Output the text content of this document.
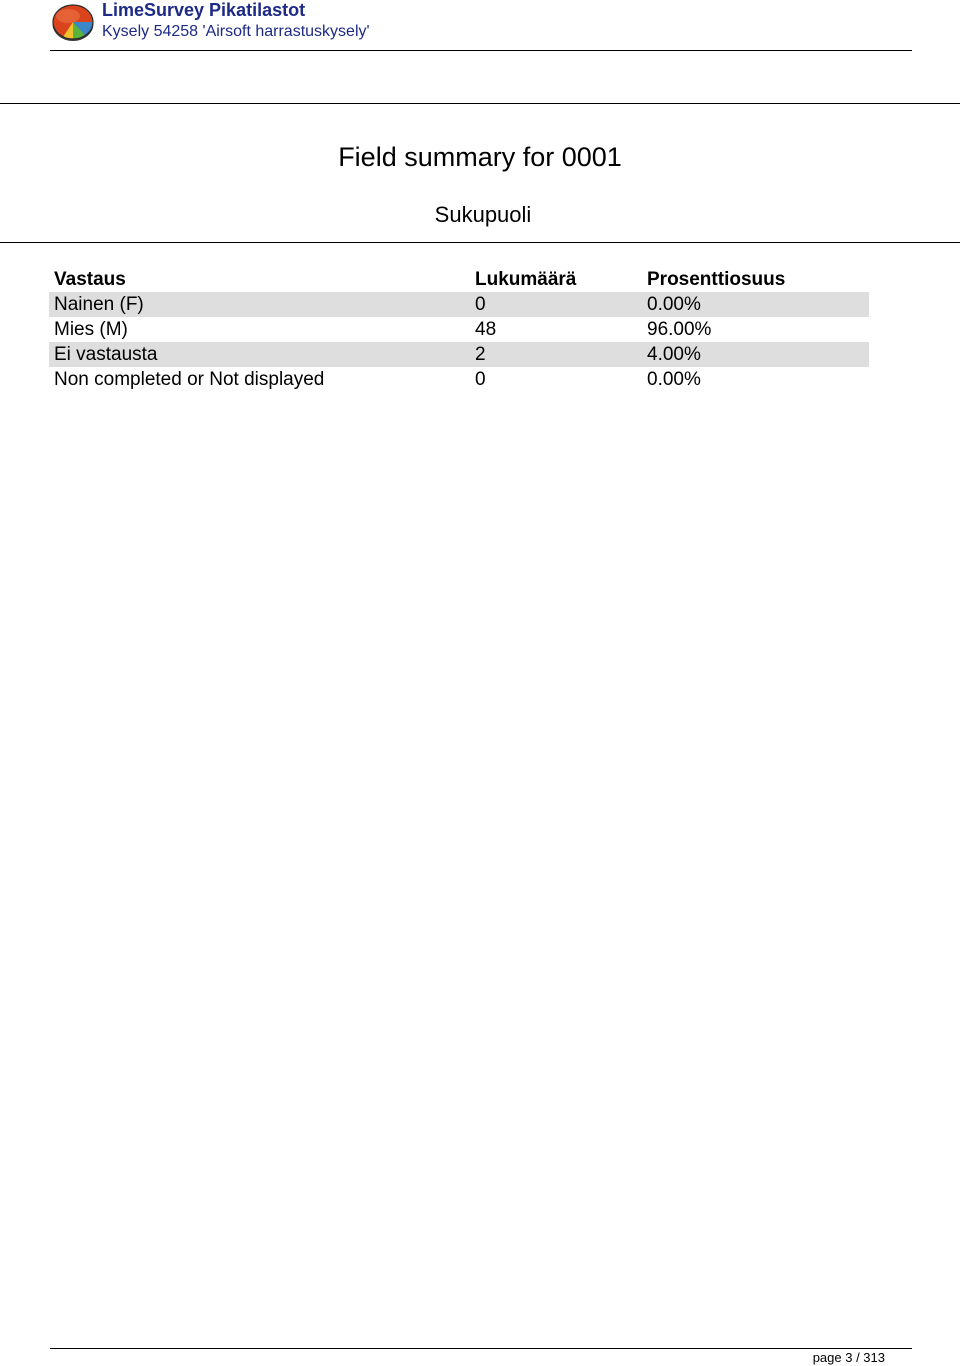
LimeSurvey Pikatilastot
Kysely 54258 'Airsoft harrastuskysely'
Field summary for 0001
Sukupuoli
Vastaus	Lukumäärä	Prosenttiosuus
Nainen (F)	0	0.00%
Mies (M)	48	96.00%
Ei vastausta	2	4.00%
Non completed or Not displayed	0	0.00%
page 3 / 313
